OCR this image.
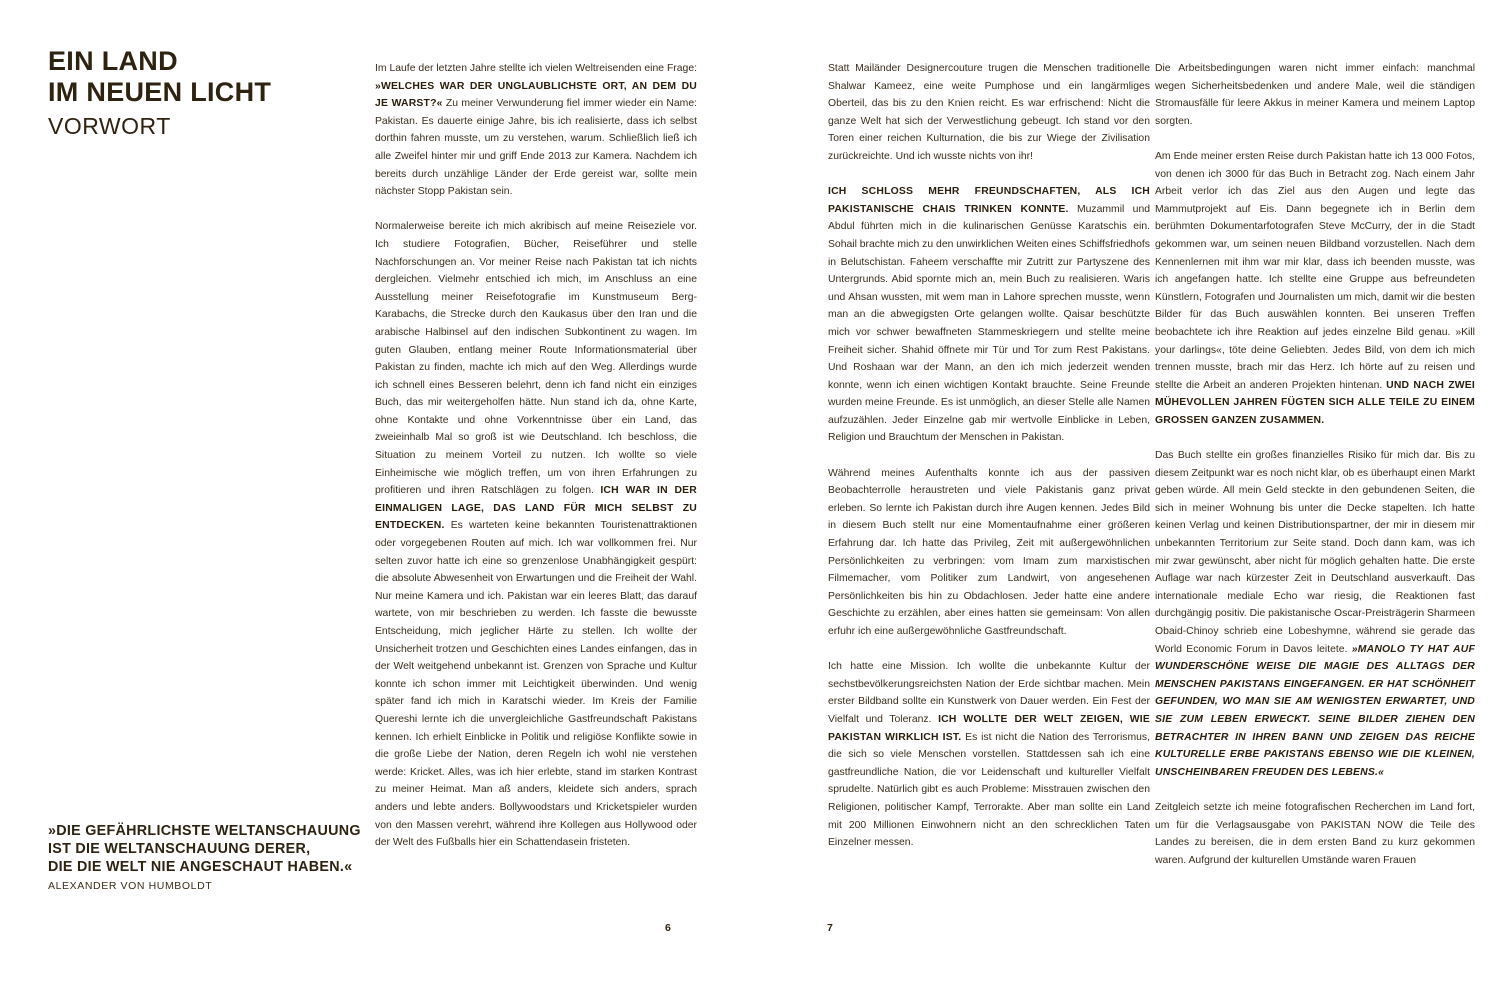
EIN LAND
IM NEUEN LICHT
VORWORT

Im Laufe der letzten Jahre stellte ich vielen Weltreisenden eine Frage: »WELCHES WAR DER UNGLAUBLICHSTE ORT, AN DEM DU JE WARST?« Zu meiner Verwunderung fiel immer wieder ein Name: Pakistan. Es dauerte einige Jahre, bis ich realisierte, dass ich selbst dorthin fahren musste, um zu verstehen, warum. Schließlich ließ ich alle Zweifel hinter mir und griff Ende 2013 zur Kamera. Nachdem ich bereits durch unzählige Länder der Erde gereist war, sollte mein nächster Stopp Pakistan sein.

Normalerweise bereite ich mich akribisch auf meine Reiseziele vor. Ich studiere Fotografien, Bücher, Reiseführer und stelle Nachforschungen an. Vor meiner Reise nach Pakistan tat ich nichts dergleichen. Vielmehr entschied ich mich, im Anschluss an eine Ausstellung meiner Reisefotografie im Kunstmuseum Berg-Karabachs, die Strecke durch den Kaukasus über den Iran und die arabische Halbinsel auf den indischen Subkontinent zu wagen. Im guten Glauben, entlang meiner Route Informationsmaterial über Pakistan zu finden, machte ich mich auf den Weg. Allerdings wurde ich schnell eines Besseren belehrt, denn ich fand nicht ein einziges Buch, das mir weitergeholfen hätte. Nun stand ich da, ohne Karte, ohne Kontakte und ohne Vorkenntnisse über ein Land, das zweieinhalb Mal so groß ist wie Deutschland. Ich beschloss, die Situation zu meinem Vorteil zu nutzen. Ich wollte so viele Einheimische wie möglich treffen, um von ihren Erfahrungen zu profitieren und ihren Ratschlägen zu folgen. ICH WAR IN DER EINMALIGEN LAGE, DAS LAND FÜR MICH SELBST ZU ENTDECKEN. Es warteten keine bekannten Touristenattraktionen oder vorgegebenen Routen auf mich. Ich war vollkommen frei. Nur selten zuvor hatte ich eine so grenzenlose Unabhängigkeit gespürt: die absolute Abwesenheit von Erwartungen und die Freiheit der Wahl. Nur meine Kamera und ich. Pakistan war ein leeres Blatt, das darauf wartete, von mir beschrieben zu werden. Ich fasste die bewusste Entscheidung, mich jeglicher Härte zu stellen. Ich wollte der Unsicherheit trotzen und Geschichten eines Landes einfangen, das in der Welt weitgehend unbekannt ist. Grenzen von Sprache und Kultur konnte ich schon immer mit Leichtigkeit überwinden. Und wenig später fand ich mich in Karatschi wieder. Im Kreis der Familie Quereshi lernte ich die unvergleichliche Gastfreundschaft Pakistans kennen. Ich erhielt Einblicke in Politik und religiöse Konflikte sowie in die große Liebe der Nation, deren Regeln ich wohl nie verstehen werde: Kricket. Alles, was ich hier erlebte, stand im starken Kontrast zu meiner Heimat. Man aß anders, kleidete sich anders, sprach anders und lebte anders. Bollywoodstars und Kricketspieler wurden von den Massen verehrt, während ihre Kollegen aus Hollywood oder der Welt des Fußballs hier ein Schattendasein fristeten.

Statt Mailänder Designercouture trugen die Menschen traditionelle Shalwar Kameez, eine weite Pumphose und ein langärmliges Oberteil, das bis zu den Knien reicht. Es war erfrischend: Nicht die ganze Welt hat sich der Verwestlichung gebeugt. Ich stand vor den Toren einer reichen Kulturnation, die bis zur Wiege der Zivilisation zurückreichte. Und ich wusste nichts von ihr!

ICH SCHLOSS MEHR FREUNDSCHAFTEN, ALS ICH PAKISTANISCHE CHAIS TRINKEN KONNTE. Muzammil und Abdul führten mich in die kulinarischen Genüsse Karatschis ein. Sohail brachte mich zu den unwirklichen Weiten eines Schiffsfriedhofs in Belutschistan. Faheem verschaffte mir Zutritt zur Partyszene des Untergrunds. Abid spornte mich an, mein Buch zu realisieren. Waris und Ahsan wussten, mit wem man in Lahore sprechen musste, wenn man an die abwegigsten Orte gelangen wollte. Qaisar beschützte mich vor schwer bewaffneten Stammeskriegern und stellte meine Freiheit sicher. Shahid öffnete mir Tür und Tor zum Rest Pakistans. Und Roshaan war der Mann, an den ich mich jederzeit wenden konnte, wenn ich einen wichtigen Kontakt brauchte. Seine Freunde wurden meine Freunde. Es ist unmöglich, an dieser Stelle alle Namen aufzuzählen. Jeder Einzelne gab mir wertvolle Einblicke in Leben, Religion und Brauchtum der Menschen in Pakistan.

Während meines Aufenthalts konnte ich aus der passiven Beobachterrolle heraustreten und viele Pakistanis ganz privat erleben. So lernte ich Pakistan durch ihre Augen kennen. Jedes Bild in diesem Buch stellt nur eine Momentaufnahme einer größeren Erfahrung dar. Ich hatte das Privileg, Zeit mit außergewöhnlichen Persönlichkeiten zu verbringen: vom Imam zum marxistischen Filmemacher, vom Politiker zum Landwirt, von angesehenen Persönlichkeiten bis hin zu Obdachlosen. Jeder hatte eine andere Geschichte zu erzählen, aber eines hatten sie gemeinsam: Von allen erfuhr ich eine außergewöhnliche Gastfreundschaft.

Ich hatte eine Mission. Ich wollte die unbekannte Kultur der sechstbevölkerungsreichsten Nation der Erde sichtbar machen. Mein erster Bildband sollte ein Kunstwerk von Dauer werden. Ein Fest der Vielfalt und Toleranz. ICH WOLLTE DER WELT ZEIGEN, WIE PAKISTAN WIRKLICH IST. Es ist nicht die Nation des Terrorismus, die sich so viele Menschen vorstellen. Stattdessen sah ich eine gastfreundliche Nation, die vor Leidenschaft und kultureller Vielfalt sprudelte. Natürlich gibt es auch Probleme: Misstrauen zwischen den Religionen, politischer Kampf, Terrorakte. Aber man sollte ein Land mit 200 Millionen Einwohnern nicht an den schrecklichen Taten Einzelner messen.

Die Arbeitsbedingungen waren nicht immer einfach: manchmal wegen Sicherheitsbedenken und andere Male, weil die ständigen Stromausfälle für leere Akkus in meiner Kamera und meinem Laptop sorgten.

Am Ende meiner ersten Reise durch Pakistan hatte ich 13 000 Fotos, von denen ich 3000 für das Buch in Betracht zog. Nach einem Jahr Arbeit verlor ich das Ziel aus den Augen und legte das Mammutprojekt auf Eis. Dann begegnete ich in Berlin dem berühmten Dokumentarfotografen Steve McCurry, der in die Stadt gekommen war, um seinen neuen Bildband vorzustellen. Nach dem Kennenlernen mit ihm war mir klar, dass ich beenden musste, was ich angefangen hatte. Ich stellte eine Gruppe aus befreundeten Künstlern, Fotografen und Journalisten um mich, damit wir die besten Bilder für das Buch auswählen konnten. Bei unseren Treffen beobachtete ich ihre Reaktion auf jedes einzelne Bild genau. »Kill your darlings«, töte deine Geliebten. Jedes Bild, von dem ich mich trennen musste, brach mir das Herz. Ich hörte auf zu reisen und stellte die Arbeit an anderen Projekten hintenan. UND NACH ZWEI MÜHEVOLLEN JAHREN FÜGTEN SICH ALLE TEILE ZU EINEM GROSSEN GANZEN ZUSAMMEN.

Das Buch stellte ein großes finanzielles Risiko für mich dar. Bis zu diesem Zeitpunkt war es noch nicht klar, ob es überhaupt einen Markt geben würde. All mein Geld steckte in den gebundenen Seiten, die sich in meiner Wohnung bis unter die Decke stapelten. Ich hatte keinen Verlag und keinen Distributionspartner, der mir in diesem mir unbekannten Territorium zur Seite stand. Doch dann kam, was ich mir zwar gewünscht, aber nicht für möglich gehalten hatte. Die erste Auflage war nach kürzester Zeit in Deutschland ausverkauft. Das internationale mediale Echo war riesig, die Reaktionen fast durchgängig positiv. Die pakistanische Oscar-Preisträgerin Sharmeen Obaid-Chinoy schrieb eine Lobeshymne, während sie gerade das World Economic Forum in Davos leitete. »MANOLO TY HAT AUF WUNDERSCHÖNE WEISE DIE MAGIE DES ALLTAGS DER MENSCHEN PAKISTANS EINGEFANGEN. ER HAT SCHÖNHEIT GEFUNDEN, WO MAN SIE AM WENIGSTEN ERWARTET, UND SIE ZUM LEBEN ERWECKT. SEINE BILDER ZIEHEN DEN BETRACHTER IN IHREN BANN UND ZEIGEN DAS REICHE KULTURELLE ERBE PAKISTANS EBENSO WIE DIE KLEINEN, UNSCHEINBAREN FREUDEN DES LEBENS.«

Zeitgleich setzte ich meine fotografischen Recherchen im Land fort, um für die Verlagsausgabe von PAKISTAN NOW die Teile des Landes zu bereisen, die in dem ersten Band zu kurz gekommen waren. Aufgrund der kulturellen Umstände waren Frauen

»DIE GEFÄHRLICHSTE WELTANSCHAUUNG
IST DIE WELTANSCHAUUNG DERER,
DIE DIE WELT NIE ANGESCHAUT HABEN.«
ALEXANDER VON HUMBOLDT
6	7
